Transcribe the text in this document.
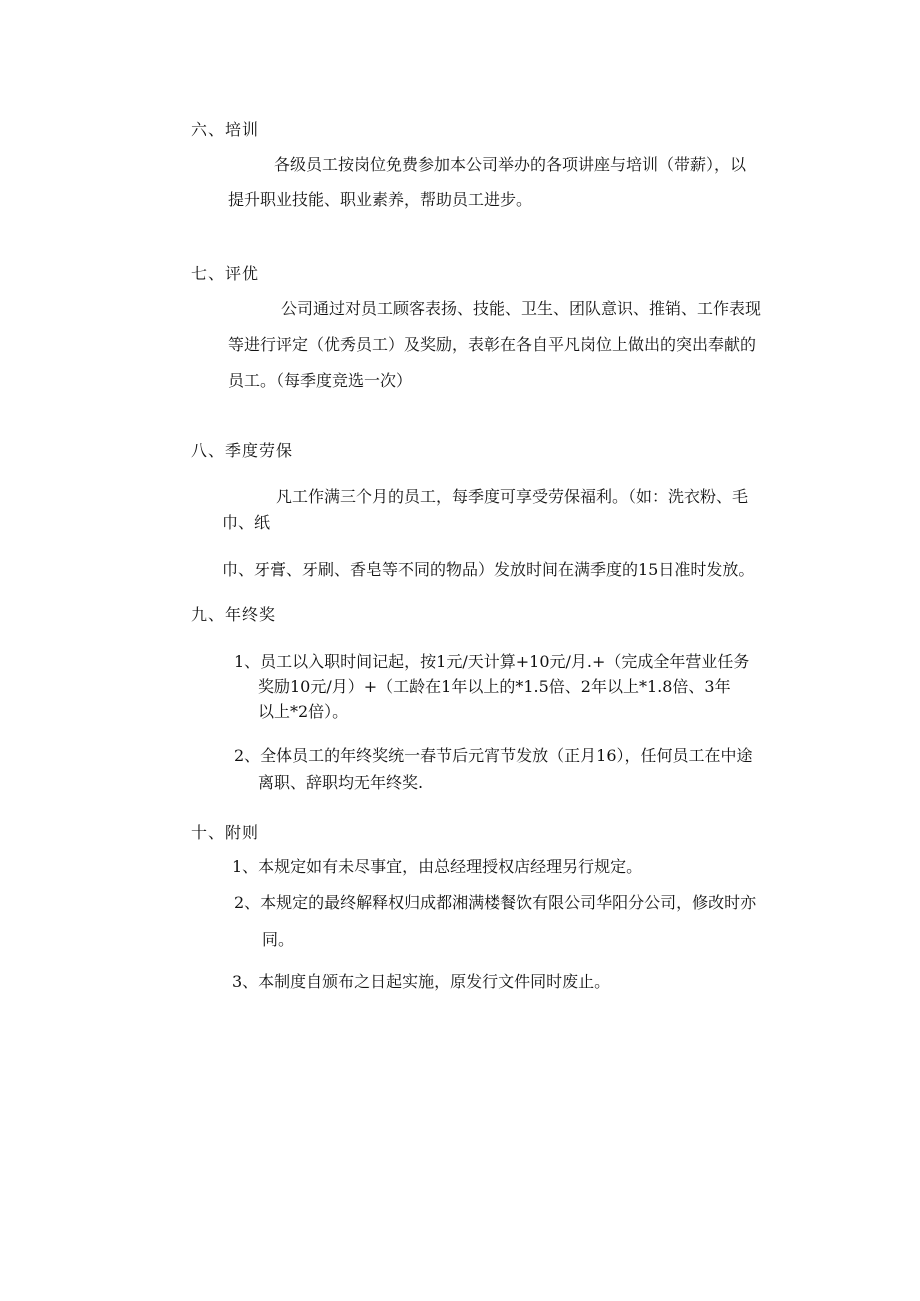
六、培训
各级员工按岗位免费参加本公司举办的各项讲座与培训（带薪），以
提升职业技能、职业素养，帮助员工进步。
七、评优
公司通过对员工顾客表扬、技能、卫生、团队意识、推销、工作表现
等进行评定（优秀员工）及奖励，表彰在各自平凡岗位上做出的突出奉献的
员工。（每季度竞选一次）
八、季度劳保
凡工作满三个月的员工，每季度可享受劳保福利。（如：洗衣粉、毛
巾、纸
巾、牙膏、牙刷、香皂等不同的物品）发放时间在满季度的15日准时发放。
九、年终奖
1、员工以入职时间记起，按1元/天计算+10元/月.+（完成全年营业任务
奖励10元/月）+（工龄在1年以上的*1.5倍、2年以上*1.8倍、3年
以上*2倍）。
2、全体员工的年终奖统一春节后元宵节发放（正月16），任何员工在中途
离职、辞职均无年终奖.
十、附则
1、本规定如有未尽事宜，由总经理授权店经理另行规定。
2、本规定的最终解释权归成都湘满楼餐饮有限公司华阳分公司，修改时亦
同。
3、本制度自颁布之日起实施，原发行文件同时废止。
